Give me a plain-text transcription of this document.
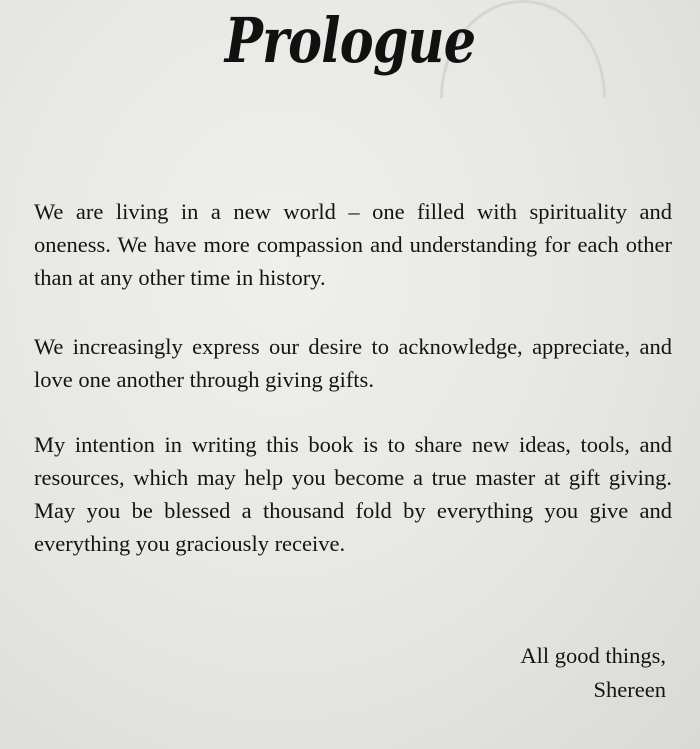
Prologue

We are living in a new world – one filled with spirituality and oneness. We have more compassion and understanding for each other than at any other time in history.

We increasingly express our desire to acknowledge, appreciate, and love one another through giving gifts.

My intention in writing this book is to share new ideas, tools, and resources, which may help you become a true master at gift giving. May you be blessed a thousand fold by everything you give and everything you graciously receive.

All good things,
Shereen
